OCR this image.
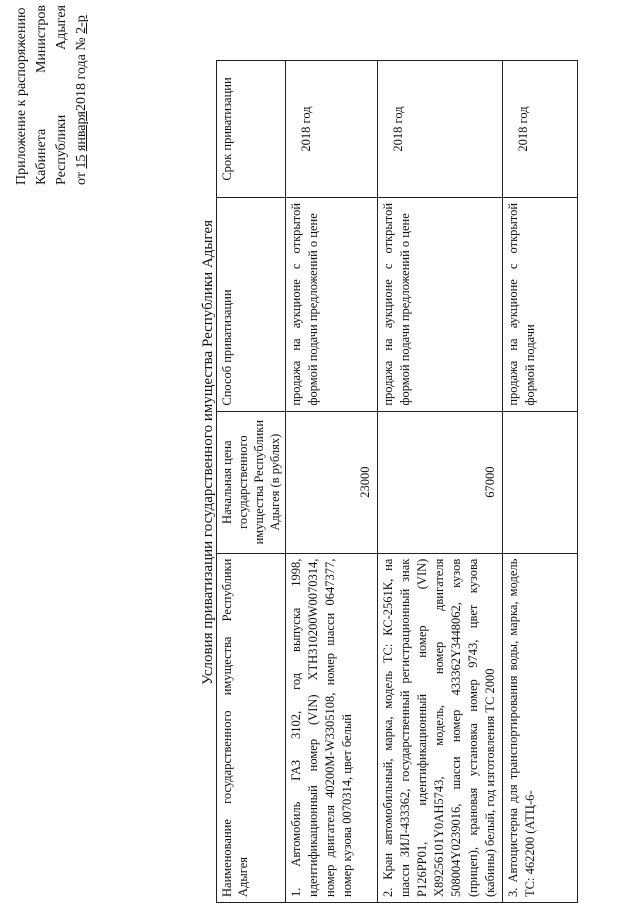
Приложение к распоряжению Кабинета
Министров
Республики
Адыгея
от 15 января2018 года № 2-р
Условия приватизации государственного имущества Республики Адыгея
Наименование государственного имущества Республики Адыгея	Начальная цена государственного имущества Республики Адыгея (в рублях)	Способ приватизации	Срок приватизации
1. Автомобиль ГАЗ 3102, год выпуска 1998, идентификационный номер (VIN) XTH310200W0070314, номер двигателя 40200M-W3305108, номер шасси 0647377, номер кузова 0070314, цвет белый	23000	продажа на аукционе с открытой формой подачи предложений о цене	2018 год
2. Кран автомобильный, марка, модель ТС: КС-2561К, на шасси ЗИЛ-433362, государственный регистрационный знак Р126РР01, идентификационный номер (VIN) X89256101Y0AH5743, модель, номер двигателя 508004Y0239016, шасси номер 433362Y3448062, кузов (прицеп), крановая установка номер 9743, цвет кузова (кабины) белый, год изготовления ТС 2000	67000	продажа на аукционе с открытой формой подачи предложений о цене	2018 год
3. Автоцистерна для транспортирования воды, марка, модель ТС: 462200 (АТЦ-6-		продажа на аукционе с открытой формой подачи	2018 год
